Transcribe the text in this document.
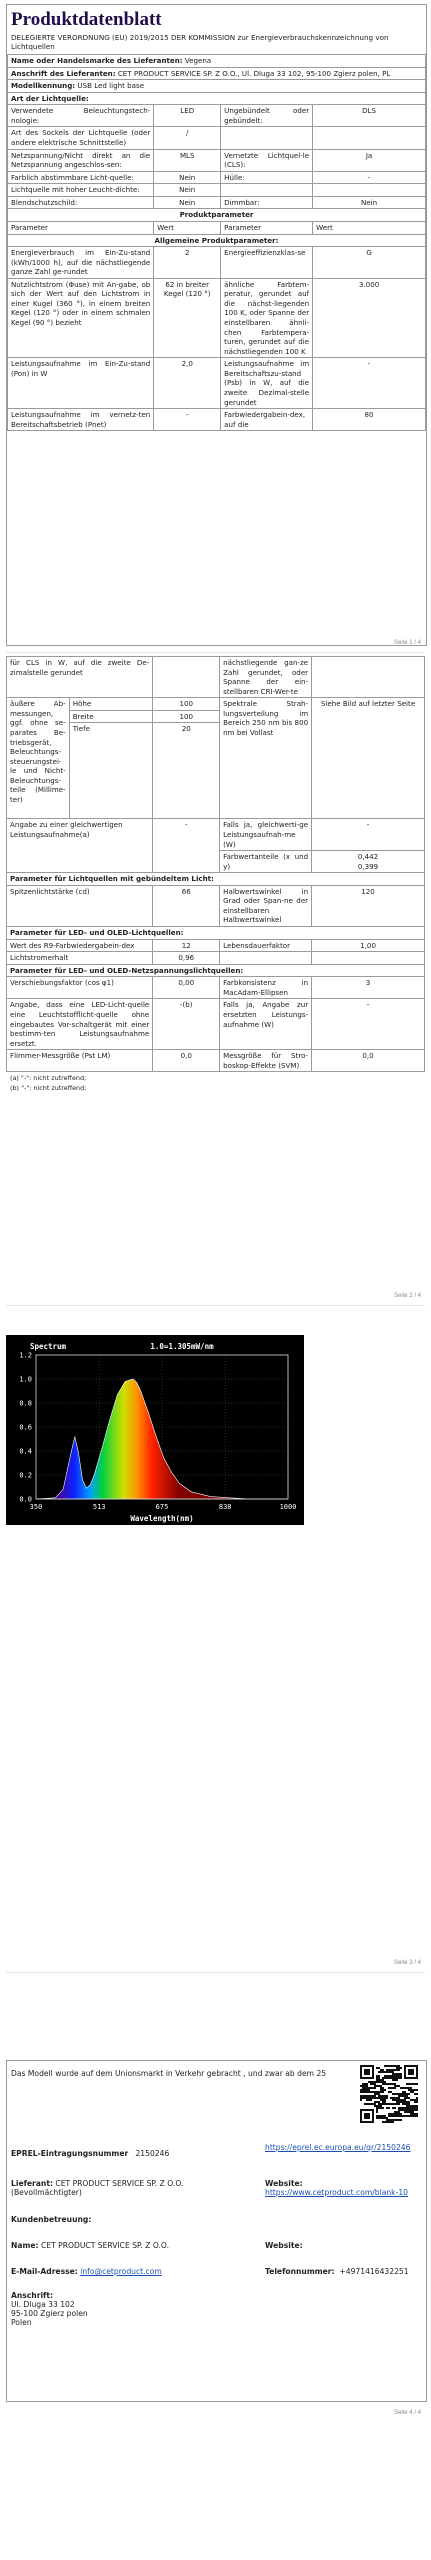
Produktdatenblatt
DELEGIERTE VERORDNUNG (EU) 2019/2015 DER KOMMISSION zur Energieverbrauchskennzeichnung von Lichtquellen
Name oder Handelsmarke des Lieferanten: Vegena			
Anschrift des Lieferanten: CET PRODUCT SERVICE SP. Z O.O., Ul. Dluga 33 102, 95-100 Zgierz polen, PL			
Modellkennung: USB Led light base			
Art der Lichtquelle:			
Verwendete Beleuchtungstech-nologie:	LED	Ungebündelt oder gebündelt:	DLS
Art des Sockels der Lichtquelle (oder andere elektrische Schnittstelle)	/		
Netzspannung/Nicht direkt an die Netzspannung angeschlos-sen:	MLS	Vernetzte Lichtquel-le (CLS):	Ja
Farblich abstimmbare Licht-quelle:	Nein	Hülle:	-
Lichtquelle mit hoher Leucht-dichte:	Nein		
Blendschutzschild:	Nein	Dimmbar:	Nein
Produktparameter			
Parameter	Wert	Parameter	Wert
Allgemeine Produktparameter:			
Energieverbrauch im Ein-Zu-stand (kWh/1000 h), auf die nächstliegende ganze Zahl ge-rundet	2	Energieeffizienzklas-se	G
Nutzlichtstrom (Φuse) mit An-gabe, ob sich der Wert auf den Lichtstrom in einer Kugel (360 °), in einem breiten Kegel (120 °) oder in einem schmalen Kegel (90 °) bezieht	62 in breiter Kegel (120 °)	ähnliche Farbtem-peratur, gerundet auf die nächst-liegenden 100 K, oder Spanne der einstellbaren ähnli-chen Farbtempera-turen, gerundet auf die nächstliegenden 100 K	3.000
Leistungsaufnahme im Ein-Zu-stand (Pon) in W	2,0	Leistungsaufnahme im Bereitschaftszu-stand (Psb) in W, auf die zweite Dezimal-stelle gerundet	-
Leistungsaufnahme im vernetz-ten Bereitschaftsbetrieb (Pnet)	-	Farbwiedergabein-dex, auf die	80
Seite 1 / 4
für CLS in W, auf die zweite De-zimalstelle gerundet			nächstliegende gan-ze Zahl gerundet, oder Spanne der ein-stellbaren CRI-Wer-te	
äußere Ab-messungen, ggf. ohne se-parates Be-triebsgerät, Beleuchtungs-steuerungstei-le und Nicht-Beleuchtungs-teile (Millime-ter)	Höhe	100	Spektrale Strah-lungsverteilung im Bereich 250 nm bis 800 nm bei Vollast	Siehe Bild auf letzter Seite
	Breite	100		
	Tiefe	20		
Angabe zu einer gleichwertigen Leistungsaufnahme(a)		-	Falls ja, gleichwerti-ge Leistungsaufnah-me (W)	-
			Farbwertanteile (x und y)	0,442
0,399
Parameter für Lichtquellen mit gebündeltem Licht:				
Spitzenlichtstärke (cd)		66	Halbwertswinkel in Grad oder Span-ne der einstellbaren Halbwertswinkel	120
Parameter für LED- und OLED-Lichtquellen:				
Wert des R9-Farbwiedergabein-dex		12	Lebensdauerfaktor	1,00
Lichtstromerhalt		0,96		
Parameter für LED- und OLED-Netzspannungslichtquellen:				
Verschiebungsfaktor (cos φ1)		0,00	Farbkonsistenz in MacAdam-Ellipsen	3
Angabe, dass eine LED-Licht-quelle eine Leuchtstofflicht-quelle ohne eingebautes Vor-schaltgerät mit einer bestimm-ten Leistungsaufnahme ersetzt.		-(b)	Falls ja, Angabe zur ersetzten Leistungs-aufnahme (W)	-
Flimmer-Messgröße (Pst LM)		0,0	Messgröße für Stro-boskop-Effekte (SVM)	0,0
(a) "-": nicht zutreffend;
(b) "-": nicht zutreffend;
Seite 2 / 4
0.0
0.2
0.4
0.6
0.8
1.0
1.2
350	513	675	838	1000
Spectrum	1.0=1.305mW/nm
Wavelength(nm)
Seite 3 / 4
Das Modell wurde auf dem Unionsmarkt in Verkehr gebracht , und zwar ab dem 25
EPREL-Eintragungsnummer 2150246
https://eprel.ec.europa.eu/qr/2150246
Lieferant: CET PRODUCT SERVICE SP. Z O.O. (Bevollmächtigter)
Website: https://www.cetproduct.com/blank-10
Kundenbetreuung:
Name: CET PRODUCT SERVICE SP. Z O.O.	Website:
E-Mail-Adresse: info@cetproduct.com	Telefonnummer: +4971416432251
Anschrift:
Ul. Dluga 33 102
95-100 Zgierz polen
Polen
Seite 4 / 4
